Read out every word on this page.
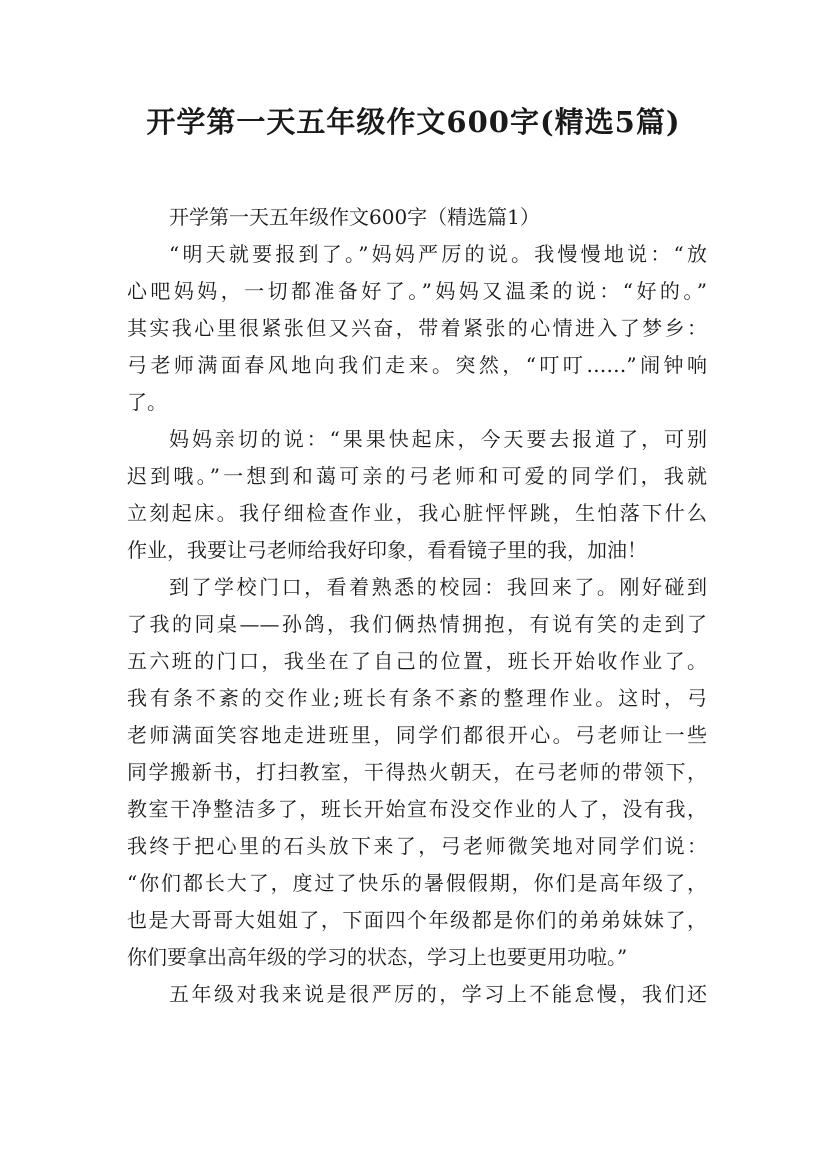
开学第一天五年级作文600字(精选5篇)
开学第一天五年级作文600字（精选篇1）
“明天就要报到了。”妈妈严厉的说。我慢慢地说：“放
心吧妈妈，一切都准备好了。”妈妈又温柔的说：“好的。”
其实我心里很紧张但又兴奋，带着紧张的心情进入了梦乡：
弓老师满面春风地向我们走来。突然，“叮叮……”闹钟响
了。
妈妈亲切的说：“果果快起床，今天要去报道了，可别
迟到哦。”一想到和蔼可亲的弓老师和可爱的同学们，我就
立刻起床。我仔细检查作业，我心脏怦怦跳，生怕落下什么
作业，我要让弓老师给我好印象，看看镜子里的我，加油！
到了学校门口，看着熟悉的校园：我回来了。刚好碰到
了我的同桌——孙鸽，我们俩热情拥抱，有说有笑的走到了
五六班的门口，我坐在了自己的位置，班长开始收作业了。
我有条不紊的交作业;班长有条不紊的整理作业。这时，弓
老师满面笑容地走进班里，同学们都很开心。弓老师让一些
同学搬新书，打扫教室，干得热火朝天，在弓老师的带领下，
教室干净整洁多了，班长开始宣布没交作业的人了，没有我，
我终于把心里的石头放下来了，弓老师微笑地对同学们说：
“你们都长大了，度过了快乐的暑假假期，你们是高年级了，
也是大哥哥大姐姐了，下面四个年级都是你们的弟弟妹妹了，
你们要拿出高年级的学习的状态，学习上也要更用功啦。”
五年级对我来说是很严厉的，学习上不能怠慢，我们还
